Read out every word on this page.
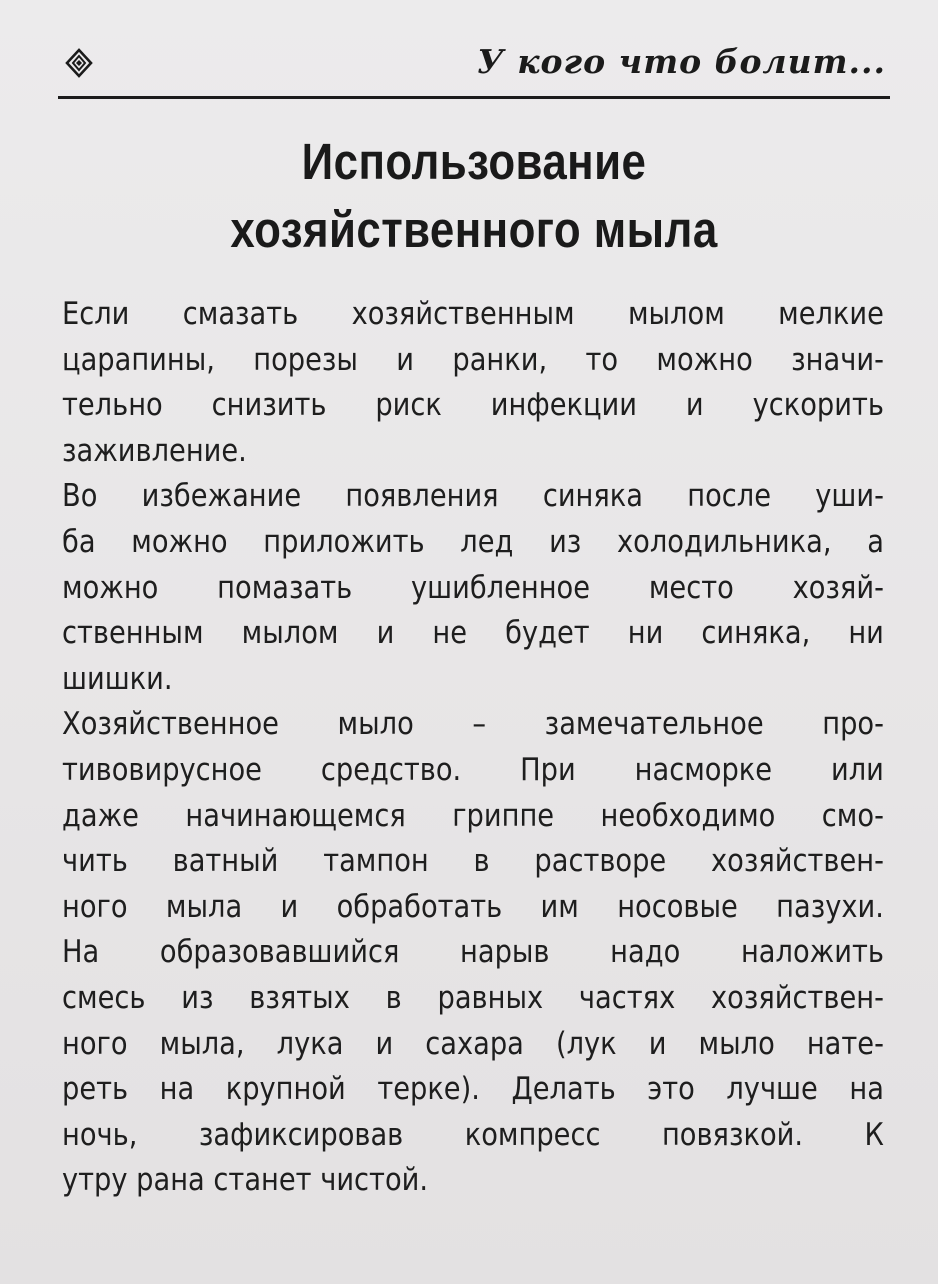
У кого что болит...
Использование
хозяйственного мыла
Если смазать хозяйственным мылом мелкие
царапины, порезы и ранки, то можно значи-
тельно снизить риск инфекции и ускорить
заживление.
Во избежание появления синяка после уши-
ба можно приложить лед из холодильника, а
можно помазать ушибленное место хозяй-
ственным мылом и не будет ни синяка, ни
шишки.
Хозяйственное мыло – замечательное про-
тивовирусное средство. При насморке или
даже начинающемся гриппе необходимо смо-
чить ватный тампон в растворе хозяйствен-
ного мыла и обработать им носовые пазухи.
На образовавшийся нарыв надо наложить
смесь из взятых в равных частях хозяйствен-
ного мыла, лука и сахара (лук и мыло нате-
реть на крупной терке). Делать это лучше на
ночь, зафиксировав компресс повязкой. К
утру рана станет чистой.
